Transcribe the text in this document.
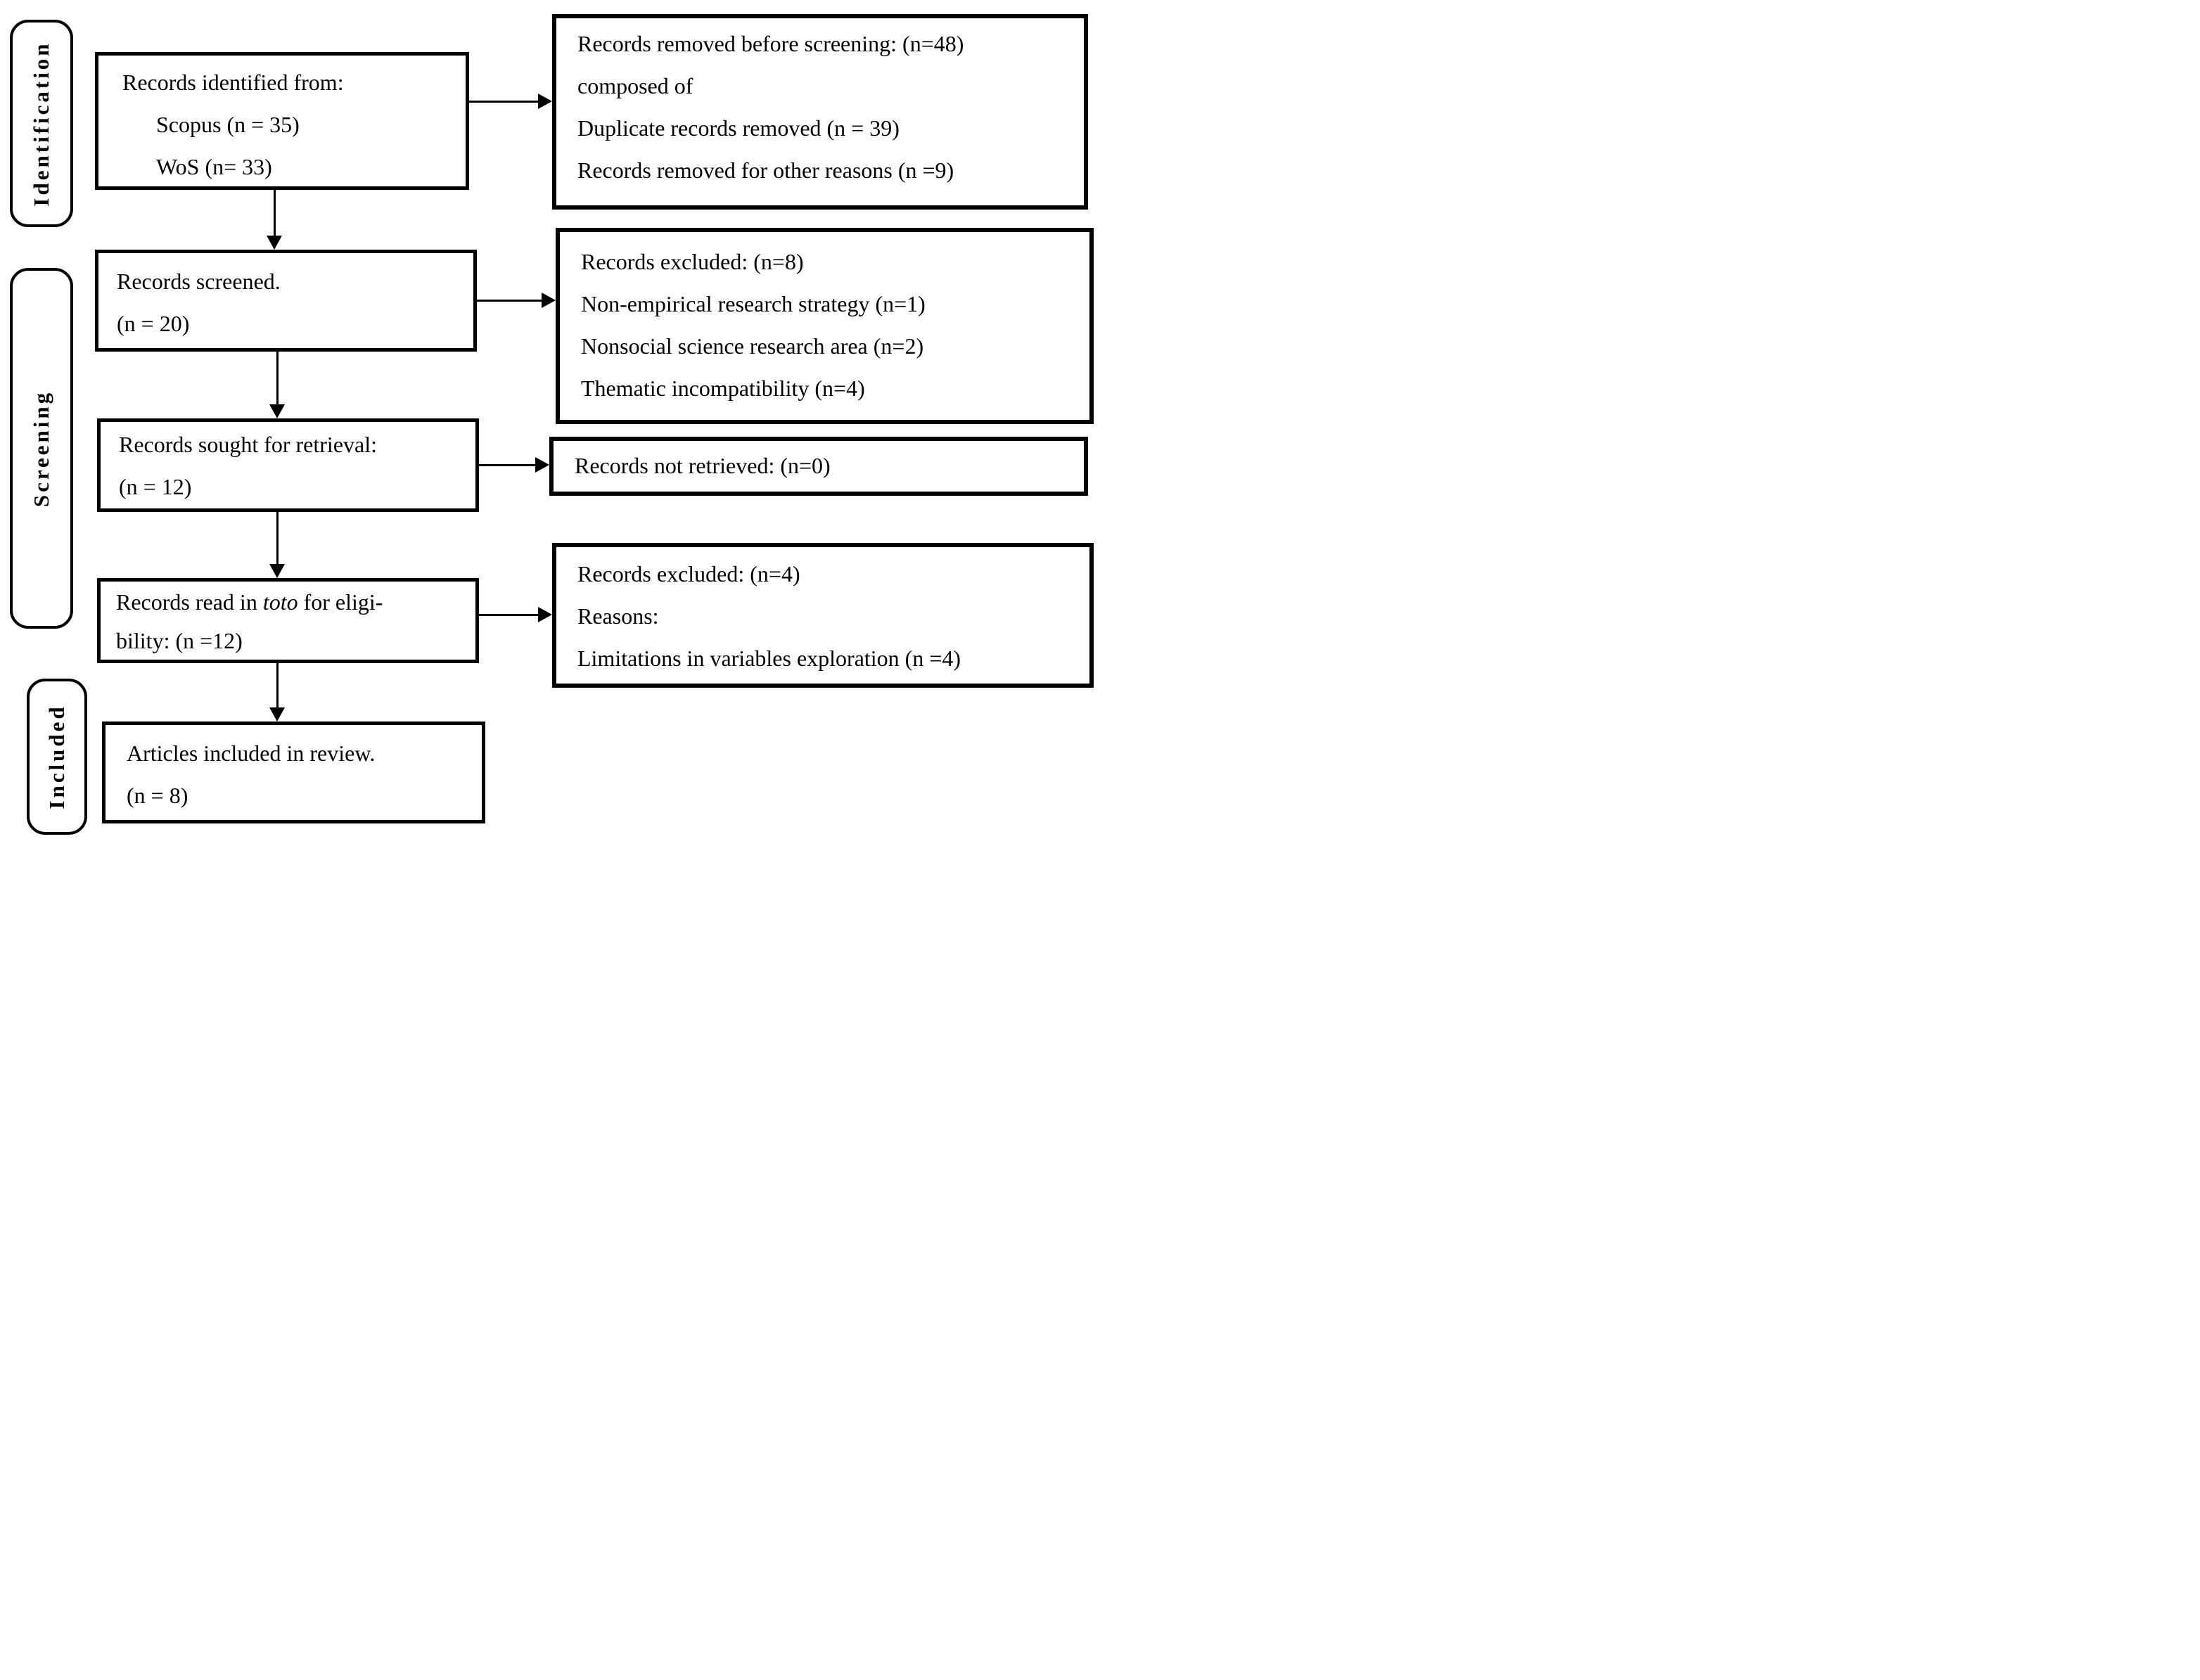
Identification
Screening
Included
Records identified from:
Scopus (n = 35)
WoS (n= 33)
Records screened.
(n = 20)
Records sought for retrieval:
(n = 12)
Records read in toto for eligi-
bility: (n =12)
Articles included in review.
(n = 8)
Records removed before screening: (n=48)
composed of
Duplicate records removed (n = 39)
Records removed for other reasons (n =9)
Records excluded: (n=8)
Non-empirical research strategy (n=1)
Nonsocial science research area (n=2)
Thematic incompatibility (n=4)
Records not retrieved: (n=0)
Records excluded: (n=4)
Reasons:
Limitations in variables exploration (n =4)
